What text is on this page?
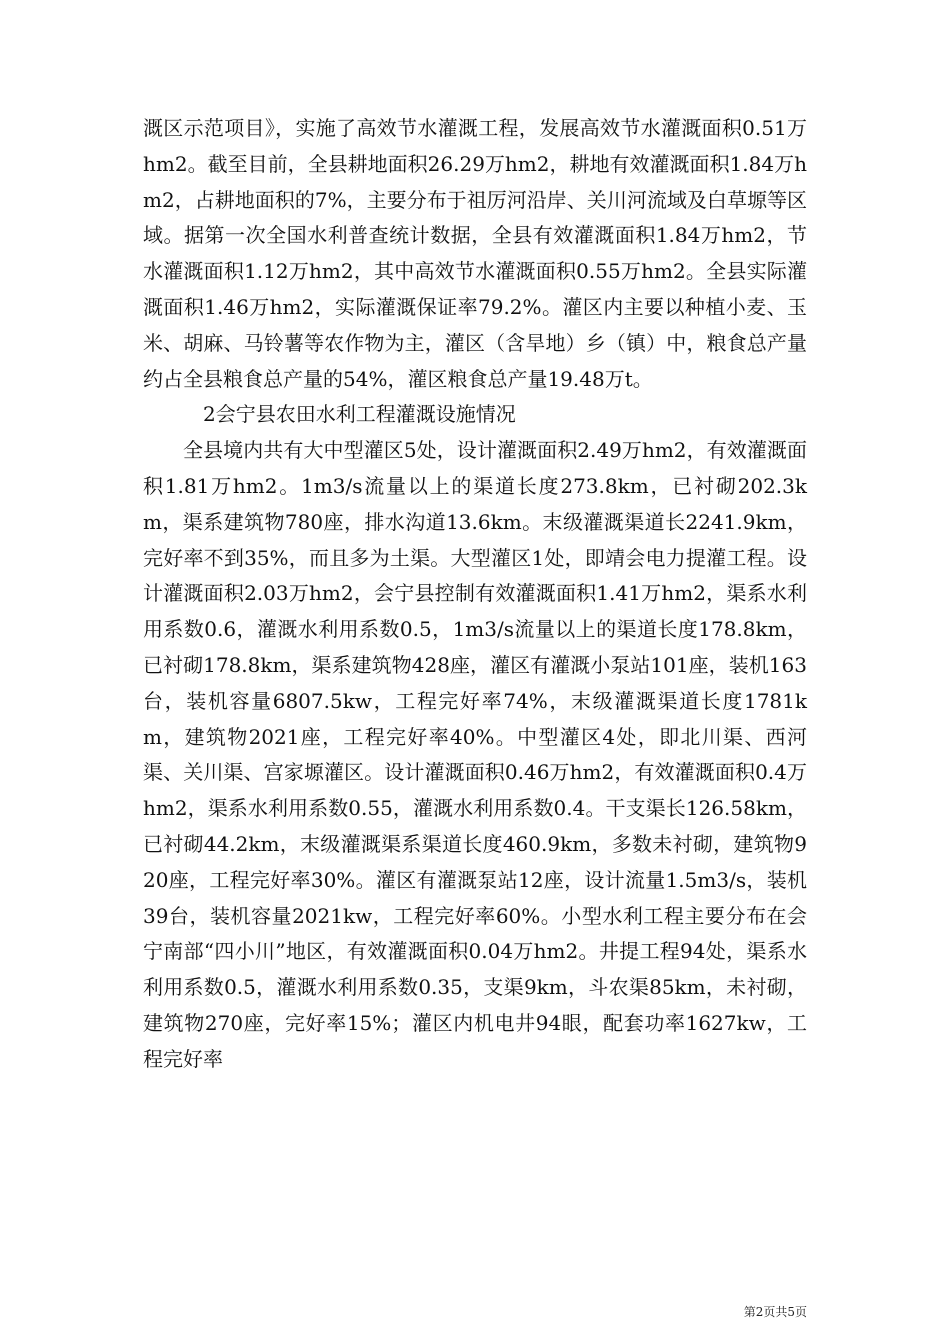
溉区示范项目》，实施了高效节水灌溉工程，发展高效节水灌溉面积0.51万hm2。截至目前，全县耕地面积26.29万hm2，耕地有效灌溉面积1.84万hm2，占耕地面积的7%，主要分布于祖厉河沿岸、关川河流域及白草塬等区域。据第一次全国水利普查统计数据，全县有效灌溉面积1.84万hm2，节水灌溉面积1.12万hm2，其中高效节水灌溉面积0.55万hm2。全县实际灌溉面积1.46万hm2，实际灌溉保证率79.2%。灌区内主要以种植小麦、玉米、胡麻、马铃薯等农作物为主，灌区（含旱地）乡（镇）中，粮食总产量约占全县粮食总产量的54%，灌区粮食总产量19.48万t。

2会宁县农田水利工程灌溉设施情况

全县境内共有大中型灌区5处，设计灌溉面积2.49万hm2，有效灌溉面积1.81万hm2。1m3/s流量以上的渠道长度273.8km，已衬砌202.3km，渠系建筑物780座，排水沟道13.6km。末级灌溉渠道长2241.9km，完好率不到35%，而且多为土渠。大型灌区1处，即靖会电力提灌工程。设计灌溉面积2.03万hm2，会宁县控制有效灌溉面积1.41万hm2，渠系水利用系数0.6，灌溉水利用系数0.5，1m3/s流量以上的渠道长度178.8km，已衬砌178.8km，渠系建筑物428座，灌区有灌溉小泵站101座，装机163台，装机容量6807.5kw，工程完好率74%，末级灌溉渠道长度1781km，建筑物2021座，工程完好率40%。中型灌区4处，即北川渠、西河渠、关川渠、宫家塬灌区。设计灌溉面积0.46万hm2，有效灌溉面积0.4万hm2，渠系水利用系数0.55，灌溉水利用系数0.4。干支渠长126.58km，已衬砌44.2km，末级灌溉渠系渠道长度460.9km，多数未衬砌，建筑物920座，工程完好率30%。灌区有灌溉泵站12座，设计流量1.5m3/s，装机39台，装机容量2021kw，工程完好率60%。小型水利工程主要分布在会宁南部“四小川”地区，有效灌溉面积0.04万hm2。井提工程94处，渠系水利用系数0.5，灌溉水利用系数0.35，支渠9km，斗农渠85km，未衬砌，建筑物270座，完好率15%；灌区内机电井94眼，配套功率1627kw，工程完好率

第2页共5页
